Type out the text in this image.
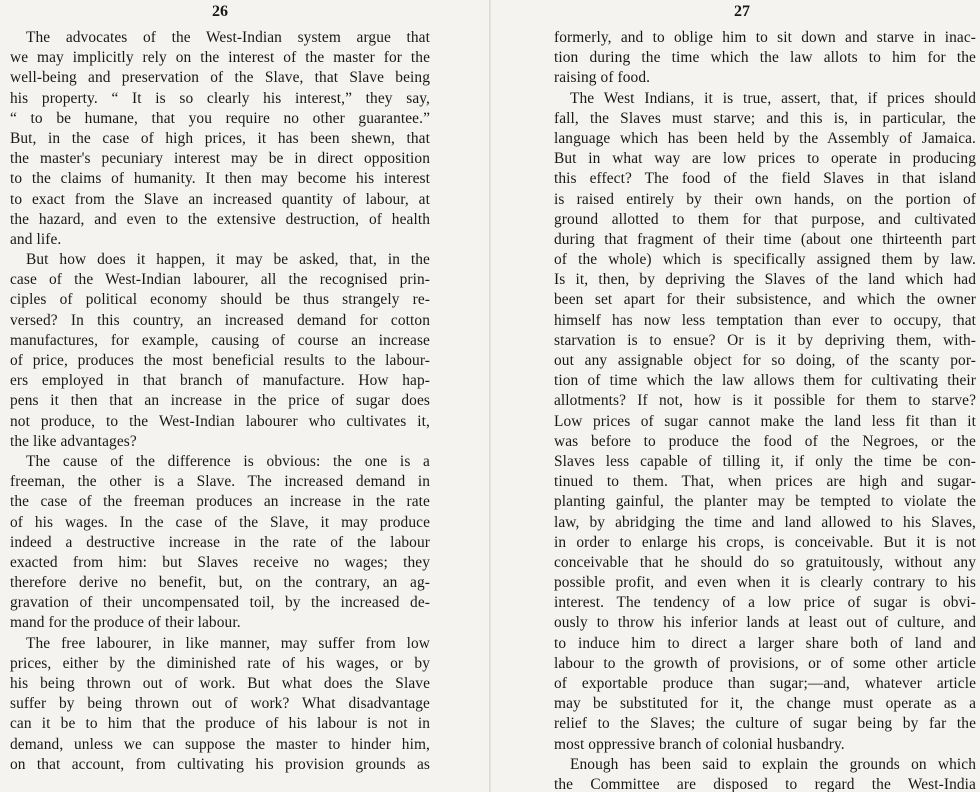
26
The advocates of the West-Indian system argue that
we may implicitly rely on the interest of the master for the
well-being and preservation of the Slave, that Slave being
his property. “ It is so clearly his interest,” they say,
“ to be humane, that you require no other guarantee.”
But, in the case of high prices, it has been shewn, that
the master's pecuniary interest may be in direct opposition
to the claims of humanity. It then may become his interest
to exact from the Slave an increased quantity of labour, at
the hazard, and even to the extensive destruction, of health
and life.
But how does it happen, it may be asked, that, in the
case of the West-Indian labourer, all the recognised prin-
ciples of political economy should be thus strangely re-
versed? In this country, an increased demand for cotton
manufactures, for example, causing of course an increase
of price, produces the most beneficial results to the labour-
ers employed in that branch of manufacture. How hap-
pens it then that an increase in the price of sugar does
not produce, to the West-Indian labourer who cultivates it,
the like advantages?
The cause of the difference is obvious: the one is a
freeman, the other is a Slave. The increased demand in
the case of the freeman produces an increase in the rate
of his wages. In the case of the Slave, it may produce
indeed a destructive increase in the rate of the labour
exacted from him: but Slaves receive no wages; they
therefore derive no benefit, but, on the contrary, an ag-
gravation of their uncompensated toil, by the increased de-
mand for the produce of their labour.
The free labourer, in like manner, may suffer from low
prices, either by the diminished rate of his wages, or by
his being thrown out of work. But what does the Slave
suffer by being thrown out of work? What disadvantage
can it be to him that the produce of his labour is not in
demand, unless we can suppose the master to hinder him,
on that account, from cultivating his provision grounds as
27
formerly, and to oblige him to sit down and starve in inac-
tion during the time which the law allots to him for the
raising of food.
The West Indians, it is true, assert, that, if prices should
fall, the Slaves must starve; and this is, in particular, the
language which has been held by the Assembly of Jamaica.
But in what way are low prices to operate in producing
this effect? The food of the field Slaves in that island
is raised entirely by their own hands, on the portion of
ground allotted to them for that purpose, and cultivated
during that fragment of their time (about one thirteenth part
of the whole) which is specifically assigned them by law.
Is it, then, by depriving the Slaves of the land which had
been set apart for their subsistence, and which the owner
himself has now less temptation than ever to occupy, that
starvation is to ensue? Or is it by depriving them, with-
out any assignable object for so doing, of the scanty por-
tion of time which the law allows them for cultivating their
allotments? If not, how is it possible for them to starve?
Low prices of sugar cannot make the land less fit than it
was before to produce the food of the Negroes, or the
Slaves less capable of tilling it, if only the time be con-
tinued to them. That, when prices are high and sugar-
planting gainful, the planter may be tempted to violate the
law, by abridging the time and land allowed to his Slaves,
in order to enlarge his crops, is conceivable. But it is not
conceivable that he should do so gratuitously, without any
possible profit, and even when it is clearly contrary to his
interest. The tendency of a low price of sugar is obvi-
ously to throw his inferior lands at least out of culture, and
to induce him to direct a larger share both of land and
labour to the growth of provisions, or of some other article
of exportable produce than sugar;—and, whatever article
may be substituted for it, the change must operate as a
relief to the Slaves; the culture of sugar being by far the
most oppressive branch of colonial husbandry.
Enough has been said to explain the grounds on which
the Committee are disposed to regard the West-India
